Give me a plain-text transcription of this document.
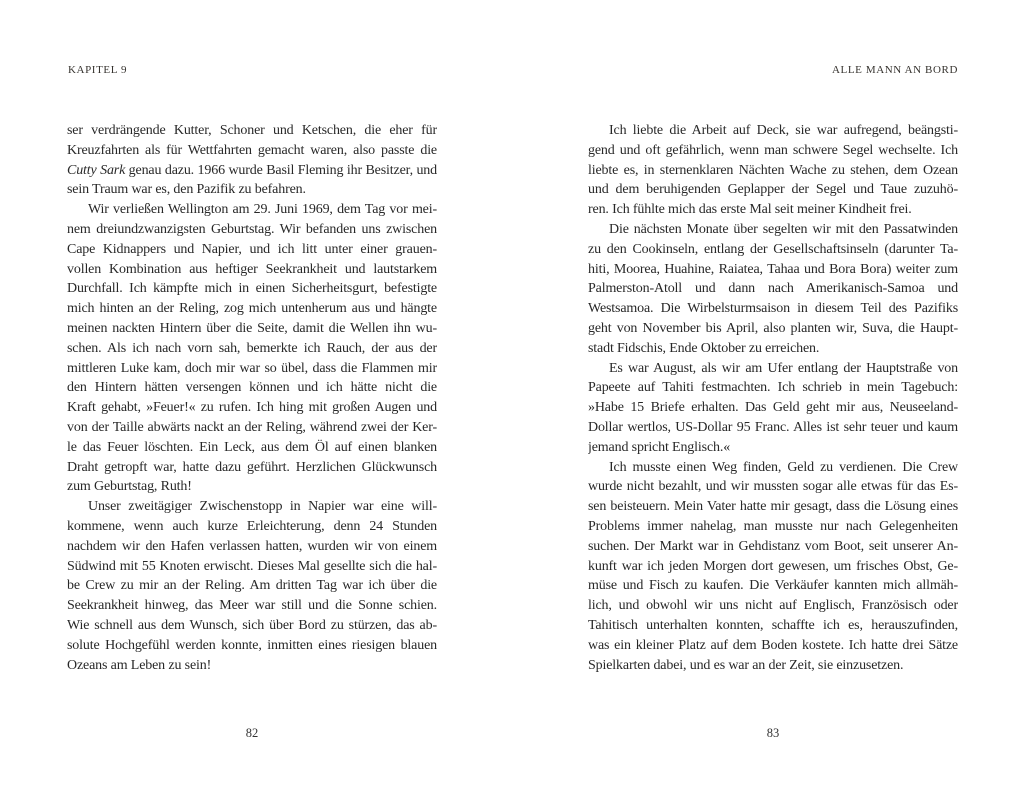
KAPITEL 9	ALLE MANN AN BORD
ser verdrängende Kutter, Schoner und Ketschen, die eher für
Kreuzfahrten als für Wettfahrten gemacht waren, also passte die
Cutty Sark genau dazu. 1966 wurde Basil Fleming ihr Besitzer, und
sein Traum war es, den Pazifik zu befahren.
Wir verließen Wellington am 29. Juni 1969, dem Tag vor mei-
nem dreiundzwanzigsten Geburtstag. Wir befanden uns zwischen
Cape Kidnappers und Napier, und ich litt unter einer grauen-
vollen Kombination aus heftiger Seekrankheit und lautstarkem
Durchfall. Ich kämpfte mich in einen Sicherheitsgurt, befestigte
mich hinten an der Reling, zog mich untenherum aus und hängte
meinen nackten Hintern über die Seite, damit die Wellen ihn wu-
schen. Als ich nach vorn sah, bemerkte ich Rauch, der aus der
mittleren Luke kam, doch mir war so übel, dass die Flammen mir
den Hintern hätten versengen können und ich hätte nicht die
Kraft gehabt, »Feuer!« zu rufen. Ich hing mit großen Augen und
von der Taille abwärts nackt an der Reling, während zwei der Ker-
le das Feuer löschten. Ein Leck, aus dem Öl auf einen blanken
Draht getropft war, hatte dazu geführt. Herzlichen Glückwunsch
zum Geburtstag, Ruth!
Unser zweitägiger Zwischenstopp in Napier war eine will-
kommene, wenn auch kurze Erleichterung, denn 24 Stunden
nachdem wir den Hafen verlassen hatten, wurden wir von einem
Südwind mit 55 Knoten erwischt. Dieses Mal gesellte sich die hal-
be Crew zu mir an der Reling. Am dritten Tag war ich über die
Seekrankheit hinweg, das Meer war still und die Sonne schien.
Wie schnell aus dem Wunsch, sich über Bord zu stürzen, das ab-
solute Hochgefühl werden konnte, inmitten eines riesigen blauen
Ozeans am Leben zu sein!
Ich liebte die Arbeit auf Deck, sie war aufregend, beängsti-
gend und oft gefährlich, wenn man schwere Segel wechselte. Ich
liebte es, in sternenklaren Nächten Wache zu stehen, dem Ozean
und dem beruhigenden Geplapper der Segel und Taue zuzuhö-
ren. Ich fühlte mich das erste Mal seit meiner Kindheit frei.
Die nächsten Monate über segelten wir mit den Passatwinden
zu den Cookinseln, entlang der Gesellschaftsinseln (darunter Ta-
hiti, Moorea, Huahine, Raiatea, Tahaa und Bora Bora) weiter zum
Palmerston-Atoll und dann nach Amerikanisch-Samoa und
Westsamoa. Die Wirbelsturmsaison in diesem Teil des Pazifiks
geht von November bis April, also planten wir, Suva, die Haupt-
stadt Fidschis, Ende Oktober zu erreichen.
Es war August, als wir am Ufer entlang der Hauptstraße von
Papeete auf Tahiti festmachten. Ich schrieb in mein Tagebuch:
»Habe 15 Briefe erhalten. Das Geld geht mir aus, Neuseeland-
Dollar wertlos, US-Dollar 95 Franc. Alles ist sehr teuer und kaum
jemand spricht Englisch.«
Ich musste einen Weg finden, Geld zu verdienen. Die Crew
wurde nicht bezahlt, und wir mussten sogar alle etwas für das Es-
sen beisteuern. Mein Vater hatte mir gesagt, dass die Lösung eines
Problems immer nahelag, man musste nur nach Gelegenheiten
suchen. Der Markt war in Gehdistanz vom Boot, seit unserer An-
kunft war ich jeden Morgen dort gewesen, um frisches Obst, Ge-
müse und Fisch zu kaufen. Die Verkäufer kannten mich allmäh-
lich, und obwohl wir uns nicht auf Englisch, Französisch oder
Tahitisch unterhalten konnten, schaffte ich es, herauszufinden,
was ein kleiner Platz auf dem Boden kostete. Ich hatte drei Sätze
Spielkarten dabei, und es war an der Zeit, sie einzusetzen.
82	83
